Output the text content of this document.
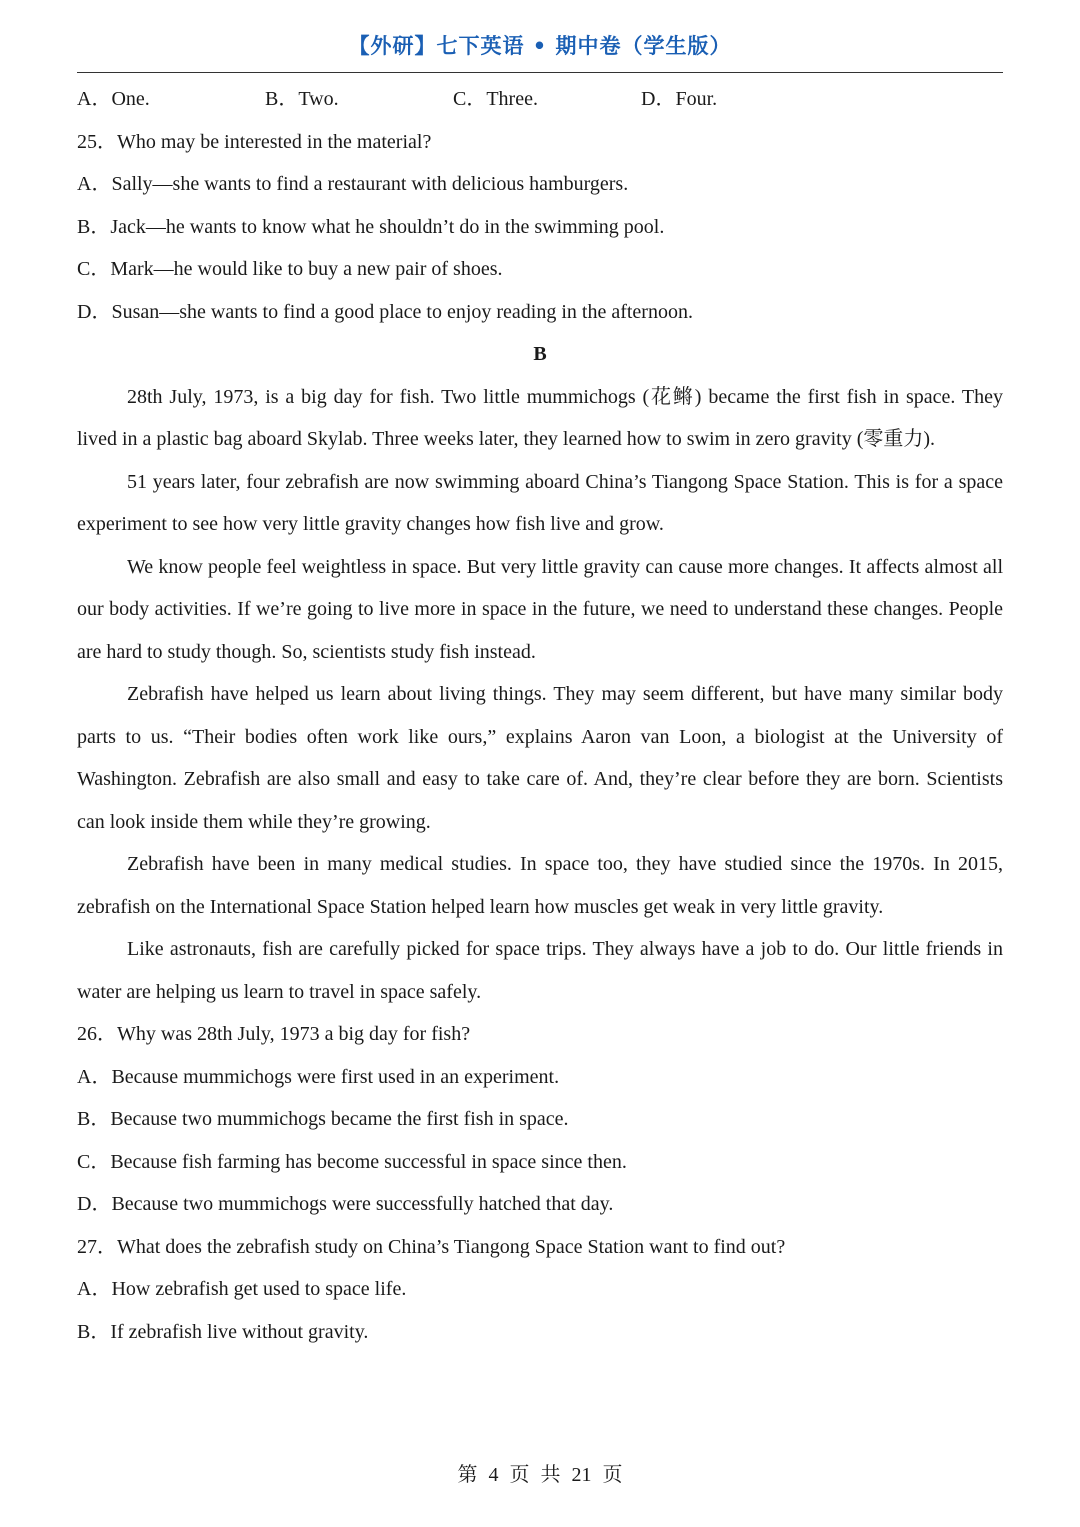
【外研】七下英语 • 期中卷（学生版）
A．One.	B．Two.	C．Three.	D．Four.

25．Who may be interested in the material?

A．Sally—she wants to find a restaurant with delicious hamburgers.

B．Jack—he wants to know what he shouldn’t do in the swimming pool.

C．Mark—he would like to buy a new pair of shoes.

D．Susan—she wants to find a good place to enjoy reading in the afternoon.

B

28th July, 1973, is a big day for fish. Two little mummichogs (花鳉) became the first fish in space. They lived in a plastic bag aboard Skylab. Three weeks later, they learned how to swim in zero gravity (零重力).

51 years later, four zebrafish are now swimming aboard China’s Tiangong Space Station. This is for a space experiment to see how very little gravity changes how fish live and grow.

We know people feel weightless in space. But very little gravity can cause more changes. It affects almost all our body activities. If we’re going to live more in space in the future, we need to understand these changes. People are hard to study though. So, scientists study fish instead.

Zebrafish have helped us learn about living things. They may seem different, but have many similar body parts to us. “Their bodies often work like ours,” explains Aaron van Loon, a biologist at the University of Washington. Zebrafish are also small and easy to take care of. And, they’re clear before they are born. Scientists can look inside them while they’re growing.

Zebrafish have been in many medical studies. In space too, they have studied since the 1970s. In 2015, zebrafish on the International Space Station helped learn how muscles get weak in very little gravity.

Like astronauts, fish are carefully picked for space trips. They always have a job to do. Our little friends in water are helping us learn to travel in space safely.

26．Why was 28th July, 1973 a big day for fish?

A．Because mummichogs were first used in an experiment.

B．Because two mummichogs became the first fish in space.

C．Because fish farming has become successful in space since then.

D．Because two mummichogs were successfully hatched that day.

27．What does the zebrafish study on China’s Tiangong Space Station want to find out?

A．How zebrafish get used to space life.

B．If zebrafish live without gravity.

第 4 页 共 21 页
